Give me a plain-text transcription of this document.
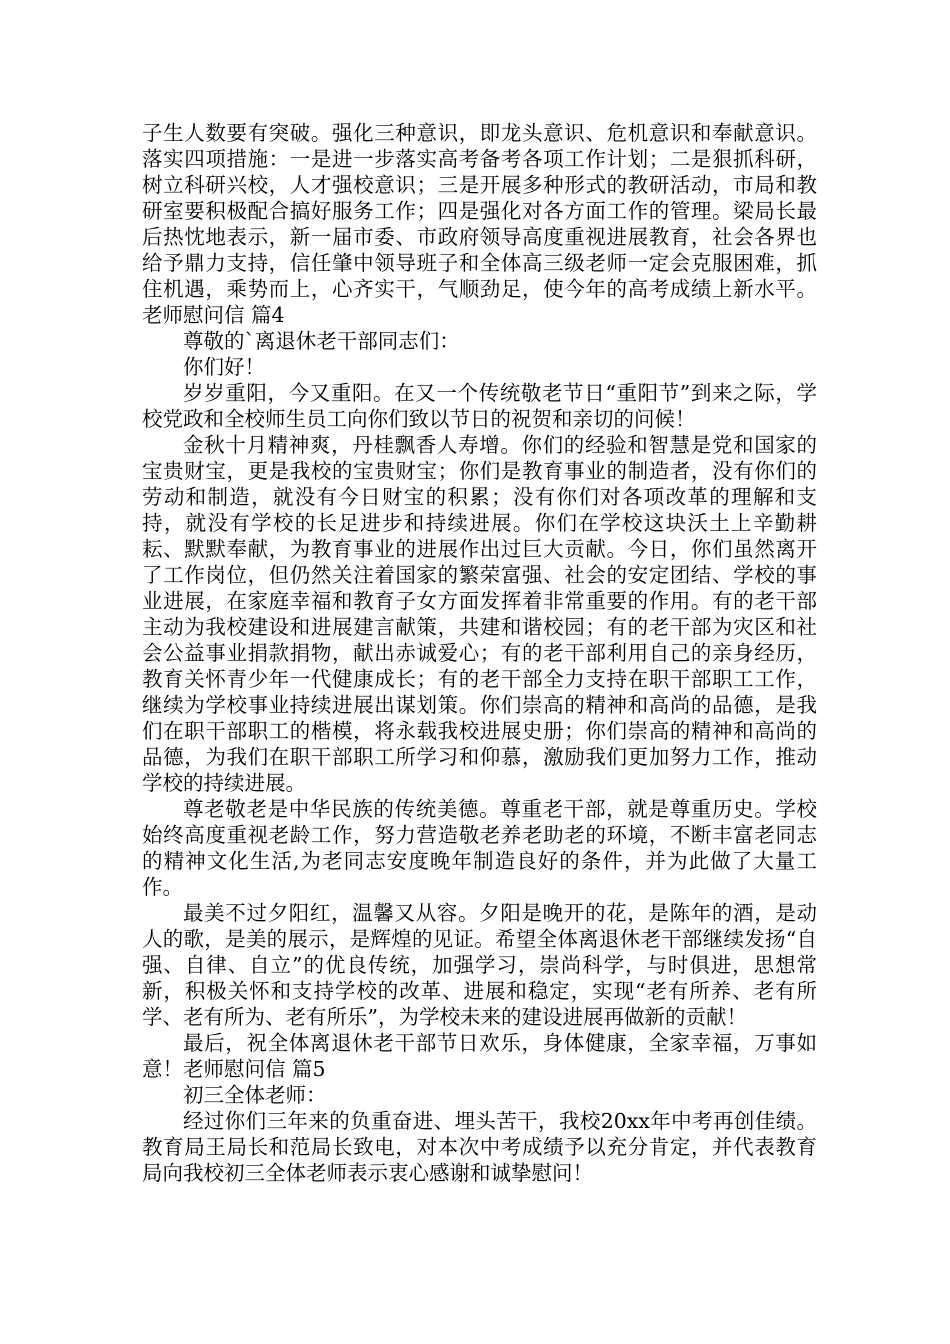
子生人数要有突破。强化三种意识，即龙头意识、危机意识和奉献意识。落实四项措施：一是进一步落实高考备考各项工作计划；二是狠抓科研，树立科研兴校，人才强校意识；三是开展多种形式的教研活动，市局和教研室要积极配合搞好服务工作；四是强化对各方面工作的管理。梁局长最后热忱地表示，新一届市委、市政府领导高度重视进展教育，社会各界也给予鼎力支持，信任肇中领导班子和全体高三级老师一定会克服困难，抓住机遇，乘势而上，心齐实干，气顺劲足，使今年的高考成绩上新水平。老师慰问信 篇4

尊敬的`离退休老干部同志们：

你们好！

岁岁重阳，今又重阳。在又一个传统敬老节日“重阳节”到来之际，学校党政和全校师生员工向你们致以节日的祝贺和亲切的问候！

金秋十月精神爽，丹桂飘香人寿增。你们的经验和智慧是党和国家的宝贵财宝，更是我校的宝贵财宝；你们是教育事业的制造者，没有你们的劳动和制造，就没有今日财宝的积累；没有你们对各项改革的理解和支持，就没有学校的长足进步和持续进展。你们在学校这块沃土上辛勤耕耘、默默奉献，为教育事业的进展作出过巨大贡献。今日，你们虽然离开了工作岗位，但仍然关注着国家的繁荣富强、社会的安定团结、学校的事业进展，在家庭幸福和教育子女方面发挥着非常重要的作用。有的老干部主动为我校建设和进展建言献策，共建和谐校园；有的老干部为灾区和社会公益事业捐款捐物，献出赤诚爱心；有的老干部利用自己的亲身经历，教育关怀青少年一代健康成长；有的老干部全力支持在职干部职工工作，继续为学校事业持续进展出谋划策。你们崇高的精神和高尚的品德，是我们在职干部职工的楷模，将永载我校进展史册；你们崇高的精神和高尚的品德，为我们在职干部职工所学习和仰慕，激励我们更加努力工作，推动学校的持续进展。

尊老敬老是中华民族的传统美德。尊重老干部，就是尊重历史。学校始终高度重视老龄工作，努力营造敬老养老助老的环境，不断丰富老同志的精神文化生活,为老同志安度晚年制造良好的条件，并为此做了大量工作。

最美不过夕阳红，温馨又从容。夕阳是晚开的花，是陈年的酒，是动人的歌，是美的展示，是辉煌的见证。希望全体离退休老干部继续发扬“自强、自律、自立”的优良传统，加强学习，崇尚科学，与时俱进，思想常新，积极关怀和支持学校的改革、进展和稳定，实现“老有所养、老有所学、老有所为、老有所乐”，为学校未来的建设进展再做新的贡献！

最后，祝全体离退休老干部节日欢乐，身体健康，全家幸福，万事如意！老师慰问信 篇5

初三全体老师：

经过你们三年来的负重奋进、埋头苦干，我校20xx年中考再创佳绩。教育局王局长和范局长致电，对本次中考成绩予以充分肯定，并代表教育局向我校初三全体老师表示衷心感谢和诚挚慰问！
